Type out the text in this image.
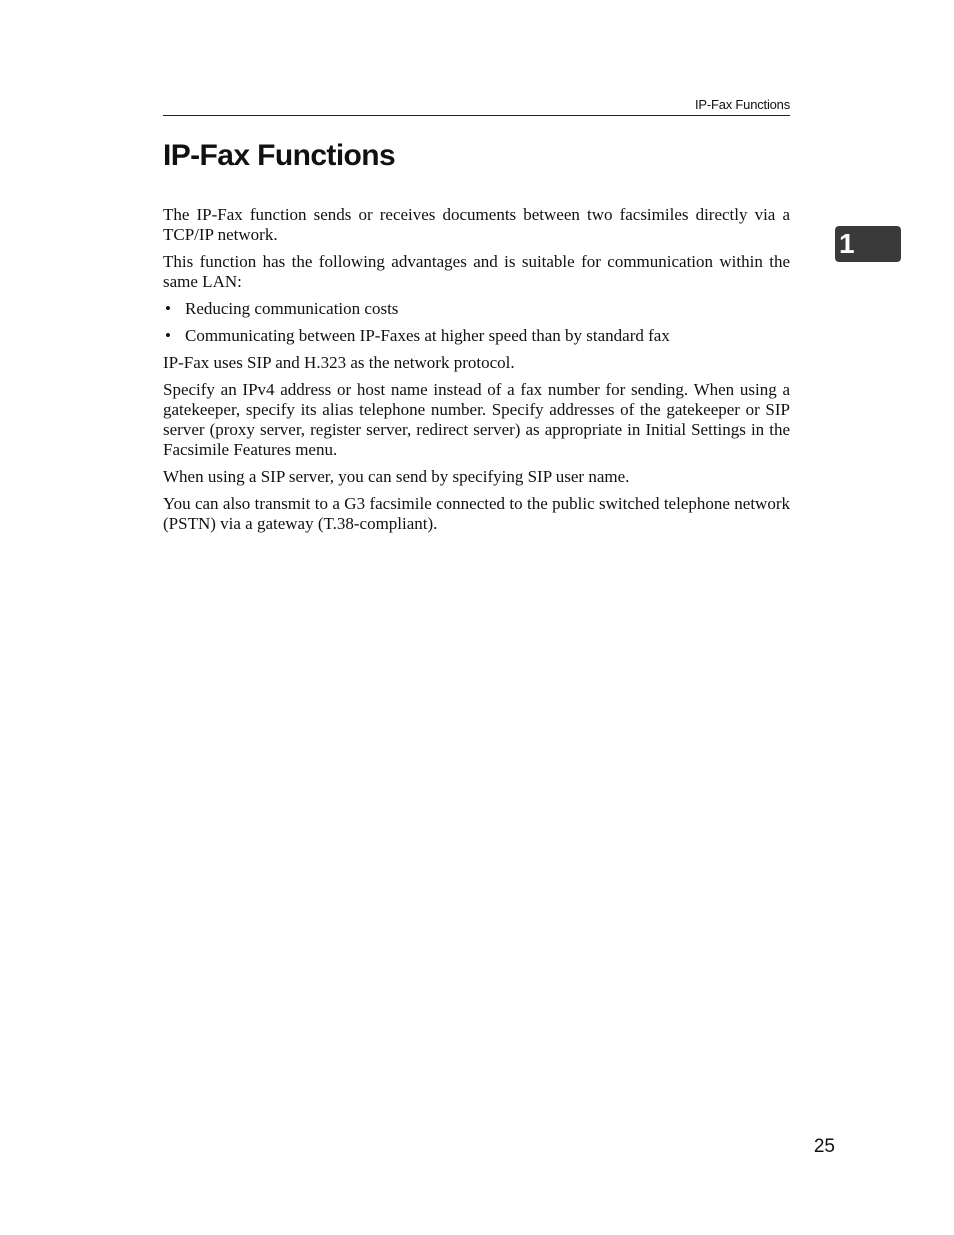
IP-Fax Functions
IP-Fax Functions
1

The IP-Fax function sends or receives documents between two facsimiles directly via a TCP/IP network.

This function has the following advantages and is suitable for communication within the same LAN:

• Reducing communication costs
• Communicating between IP-Faxes at higher speed than by standard fax

IP-Fax uses SIP and H.323 as the network protocol.

Specify an IPv4 address or host name instead of a fax number for sending. When using a gatekeeper, specify its alias telephone number. Specify addresses of the gatekeeper or SIP server (proxy server, register server, redirect server) as appropriate in Initial Settings in the Facsimile Features menu.

When using a SIP server, you can send by specifying SIP user name.

You can also transmit to a G3 facsimile connected to the public switched telephone network (PSTN) via a gateway (T.38-compliant).

25
